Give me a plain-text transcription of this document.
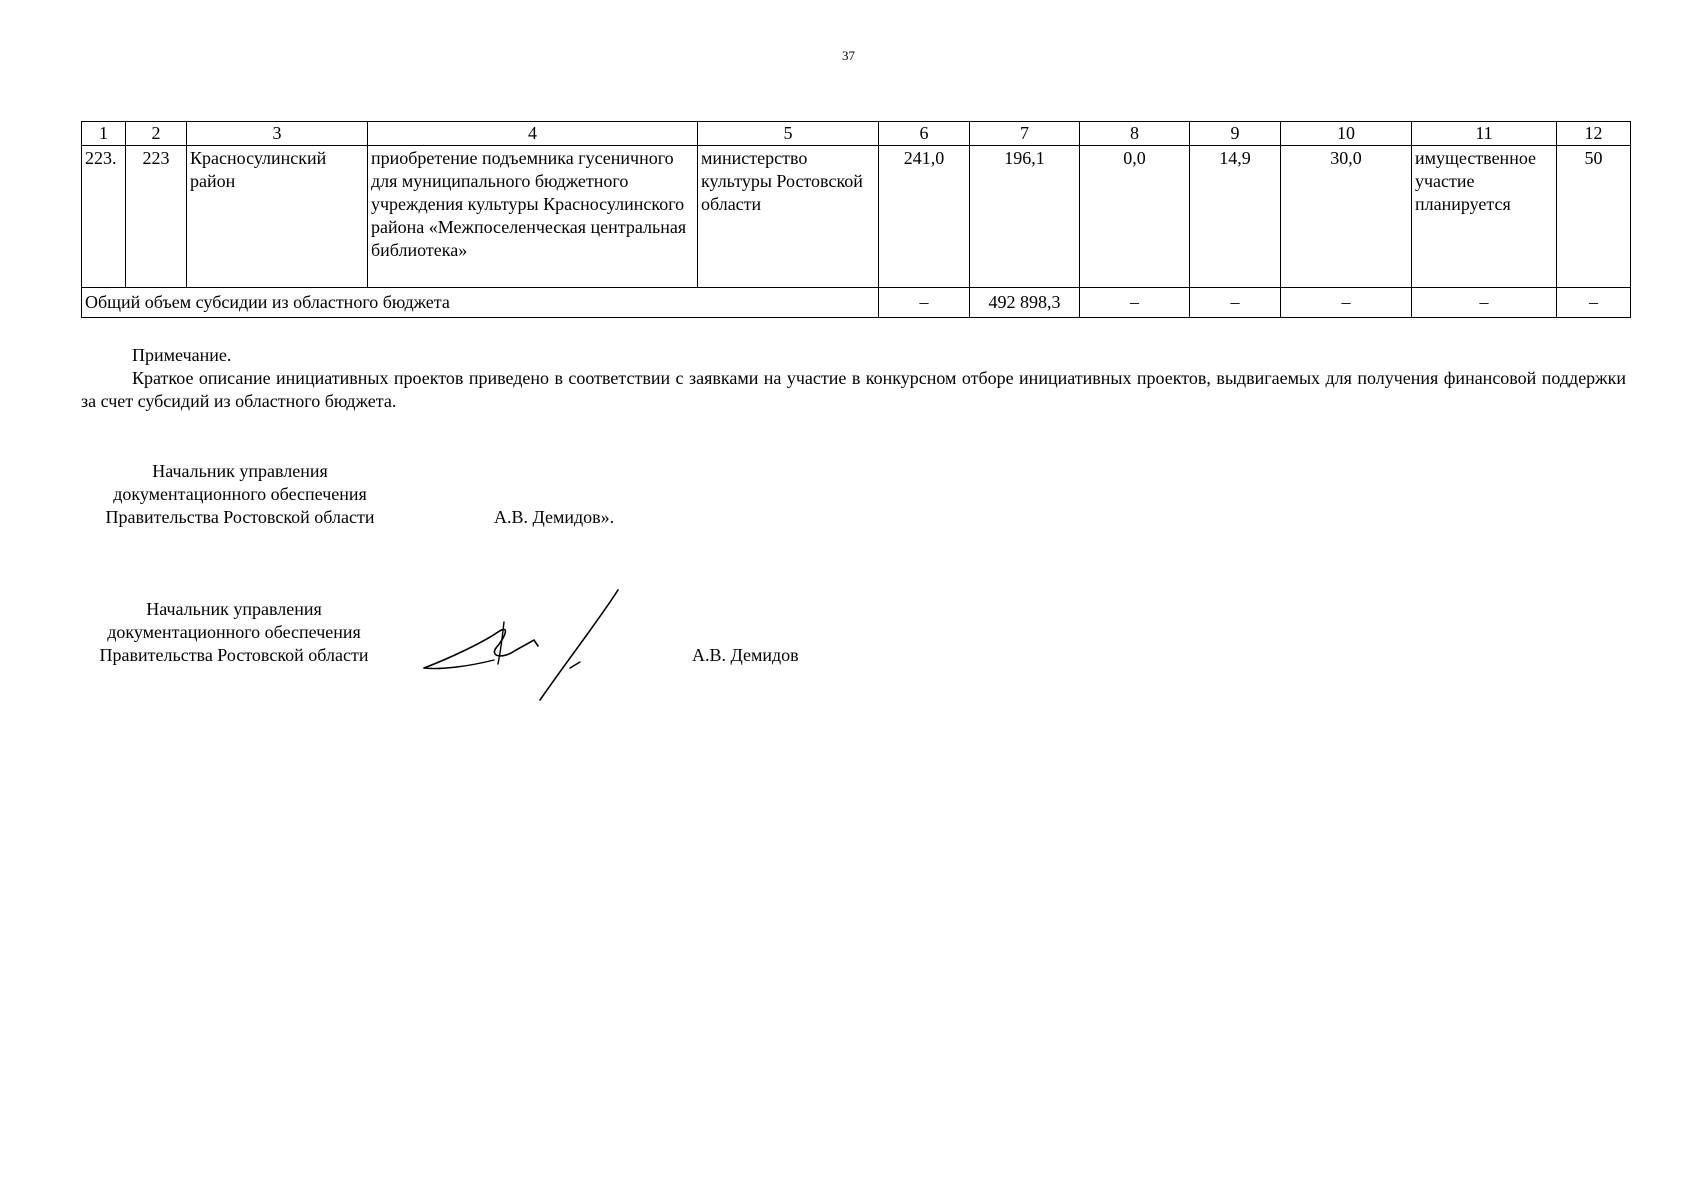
37
1	2	3	4	5	6	7	8	9	10	11	12
223.	223	Красносулинский район	приобретение подъемника гусеничного для муниципального бюджетного учреждения культуры Красносулинского района «Межпоселенческая центральная библиотека»	министерство культуры Ростовской области	241,0	196,1	0,0	14,9	30,0	имущественное участие планируется	50
Общий объем субсидии из областного бюджета					–	492 898,3	–	–	–	–	–
Примечание.
Краткое описание инициативных проектов приведено в соответствии с заявками на участие в конкурсном отборе инициативных проектов, выдвигаемых для получения финансовой поддержки за счет субсидий из областного бюджета.
Начальник управления
документационного обеспечения
Правительства Ростовской области	А.В. Демидов».
Начальник управления
документационного обеспечения
Правительства Ростовской области	А.В. Демидов
